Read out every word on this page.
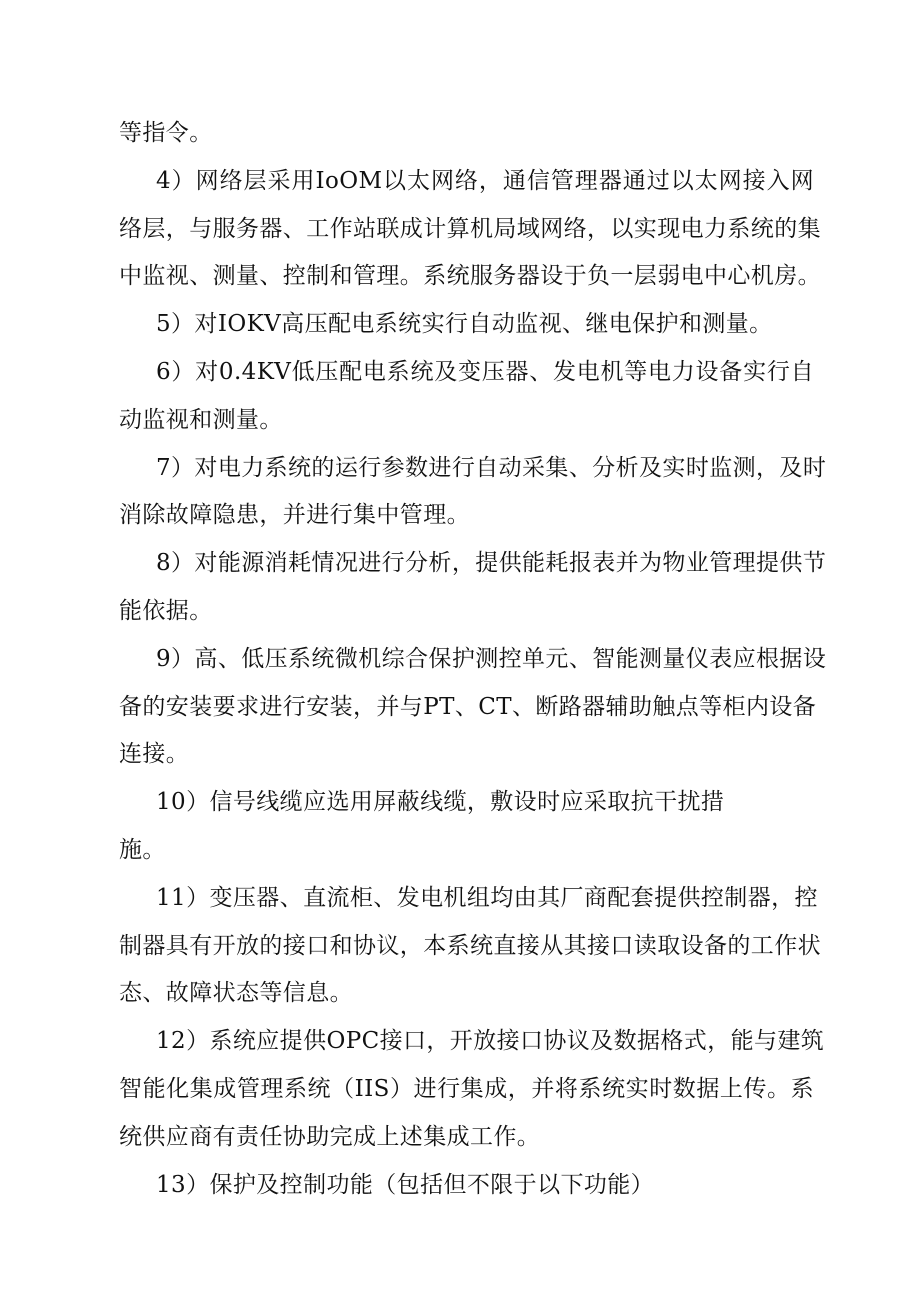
等指令。
4）网络层采用IoOM以太网络，通信管理器通过以太网接入网
络层，与服务器、工作站联成计算机局域网络，以实现电力系统的集
中监视、测量、控制和管理。系统服务器设于负一层弱电中心机房。
5）对IOKV高压配电系统实行自动监视、继电保护和测量。
6）对0.4KV低压配电系统及变压器、发电机等电力设备实行自
动监视和测量。
7）对电力系统的运行参数进行自动采集、分析及实时监测，及时
消除故障隐患，并进行集中管理。
8）对能源消耗情况进行分析，提供能耗报表并为物业管理提供节
能依据。
9）高、低压系统微机综合保护测控单元、智能测量仪表应根据设
备的安装要求进行安装，并与PT、CT、断路器辅助触点等柜内设备
连接。
10）信号线缆应选用屏蔽线缆，敷设时应采取抗干扰措
施。
11）变压器、直流柜、发电机组均由其厂商配套提供控制器，控
制器具有开放的接口和协议，本系统直接从其接口读取设备的工作状
态、故障状态等信息。
12）系统应提供OPC接口，开放接口协议及数据格式，能与建筑
智能化集成管理系统（IIS）进行集成，并将系统实时数据上传。系
统供应商有责任协助完成上述集成工作。
13）保护及控制功能（包括但不限于以下功能）
